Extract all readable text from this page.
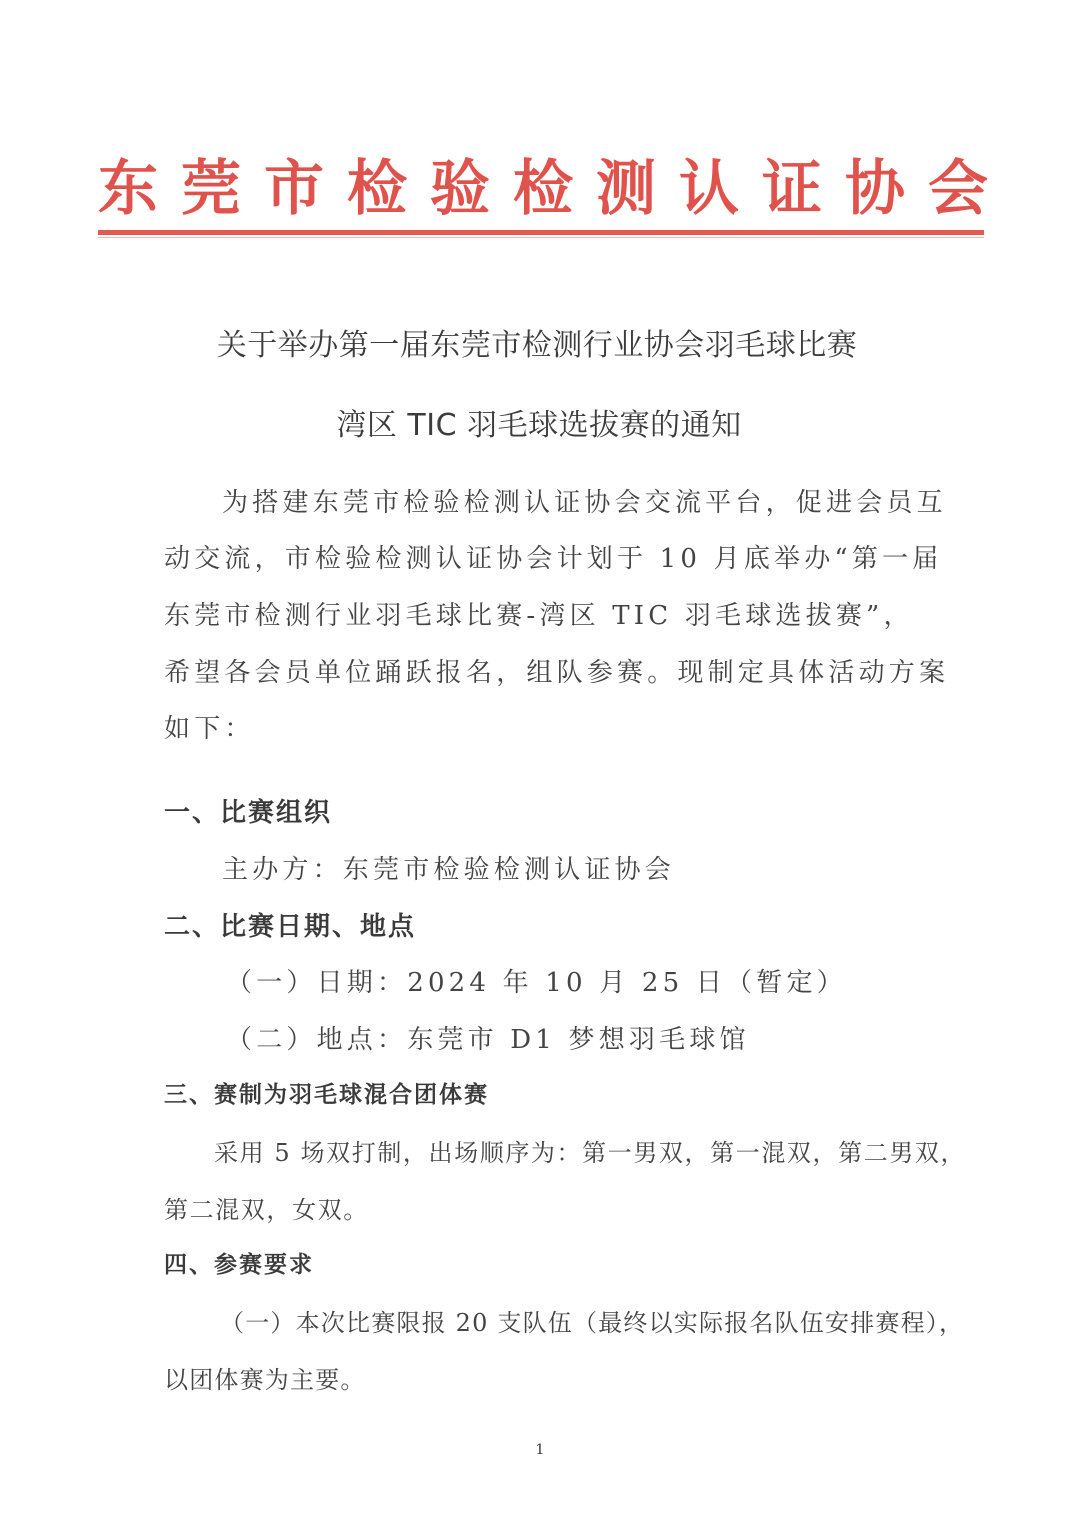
东 莞 市 检 验 检 测 认 证 协 会
关于举办第一届东莞市检测行业协会羽毛球比赛
湾区 TIC 羽毛球选拔赛的通知
为搭建东莞市检验检测认证协会交流平台，促进会员互
动交流，市检验检测认证协会计划于 10 月底举办“第一届
东莞市检测行业羽毛球比赛-湾区 TIC 羽毛球选拔赛”，
希望各会员单位踊跃报名，组队参赛。现制定具体活动方案
如下：
一、比赛组织
主办方：东莞市检验检测认证协会
二、比赛日期、地点
（一）日期：2024 年 10 月 25 日（暂定）
（二）地点：东莞市 D1 梦想羽毛球馆
三、赛制为羽毛球混合团体赛
采用 5 场双打制，出场顺序为：第一男双，第一混双，第二男双，
第二混双，女双。
四、参赛要求
（一）本次比赛限报 20 支队伍（最终以实际报名队伍安排赛程），
以团体赛为主要。
1
